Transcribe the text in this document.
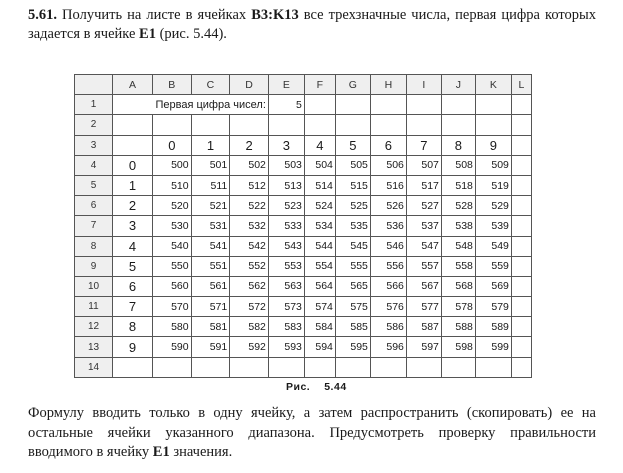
5.61. Получить на листе в ячейках B3:K13 все трехзначные числа, первая цифра которых задается в ячейке E1 (рис. 5.44).
	A	B	C	D	E	F	G	H	I	J	K	L
1		Первая цифра чисел:			5							
2												
3		0	1	2	3	4	5	6	7	8	9	
4	0	500	501	502	503	504	505	506	507	508	509	
5	1	510	511	512	513	514	515	516	517	518	519	
6	2	520	521	522	523	524	525	526	527	528	529	
7	3	530	531	532	533	534	535	536	537	538	539	
8	4	540	541	542	543	544	545	546	547	548	549	
9	5	550	551	552	553	554	555	556	557	558	559	
10	6	560	561	562	563	564	565	566	567	568	569	
11	7	570	571	572	573	574	575	576	577	578	579	
12	8	580	581	582	583	584	585	586	587	588	589	
13	9	590	591	592	593	594	595	596	597	598	599	
14												
Рис. 5.44
Формулу вводить только в одну ячейку, а затем распространить (скопировать) ее на остальные ячейки указанного диапазона. Предусмотреть проверку правильности вводимого в ячейку E1 значения.
